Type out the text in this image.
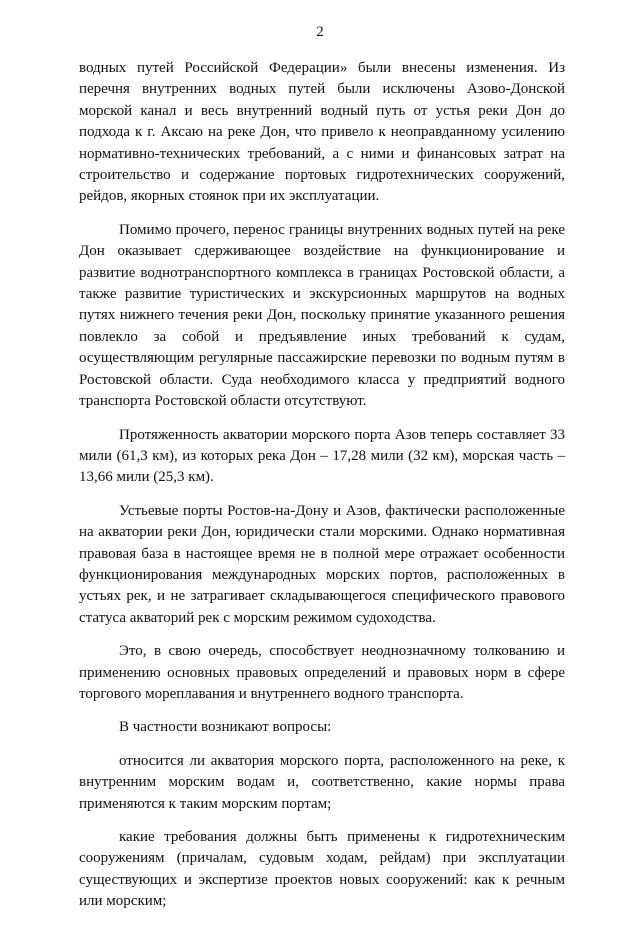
2

водных путей Российской Федерации» были внесены изменения. Из перечня внутренних водных путей были исключены Азово-Донской морской канал и весь внутренний водный путь от устья реки Дон до подхода к г. Аксаю на реке Дон, что привело к неоправданному усилению нормативно-технических требований, а с ними и финансовых затрат на строительство и содержание портовых гидротехнических сооружений, рейдов, якорных стоянок при их эксплуатации.

Помимо прочего, перенос границы внутренних водных путей на реке Дон оказывает сдерживающее воздействие на функционирование и развитие воднотранспортного комплекса в границах Ростовской области, а также развитие туристических и экскурсионных маршрутов на водных путях нижнего течения реки Дон, поскольку принятие указанного решения повлекло за собой и предъявление иных требований к судам, осуществляющим регулярные пассажирские перевозки по водным путям в Ростовской области. Суда необходимого класса у предприятий водного транспорта Ростовской области отсутствуют.

Протяженность акватории морского порта Азов теперь составляет 33 мили (61,3 км), из которых река Дон – 17,28 мили (32 км), морская часть – 13,66 мили (25,3 км).

Устьевые порты Ростов-на-Дону и Азов, фактически расположенные на акватории реки Дон, юридически стали морскими. Однако нормативная правовая база в настоящее время не в полной мере отражает особенности функционирования международных морских портов, расположенных в устьях рек, и не затрагивает складывающегося специфического правового статуса акваторий рек с морским режимом судоходства.

Это, в свою очередь, способствует неоднозначному толкованию и применению основных правовых определений и правовых норм в сфере торгового мореплавания и внутреннего водного транспорта.

В частности возникают вопросы:

относится ли акватория морского порта, расположенного на реке, к внутренним морским водам и, соответственно, какие нормы права применяются к таким морским портам;

какие требования должны быть применены к гидротехническим сооружениям (причалам, судовым ходам, рейдам) при эксплуатации существующих и экспертизе проектов новых сооружений: как к речным или морским;
